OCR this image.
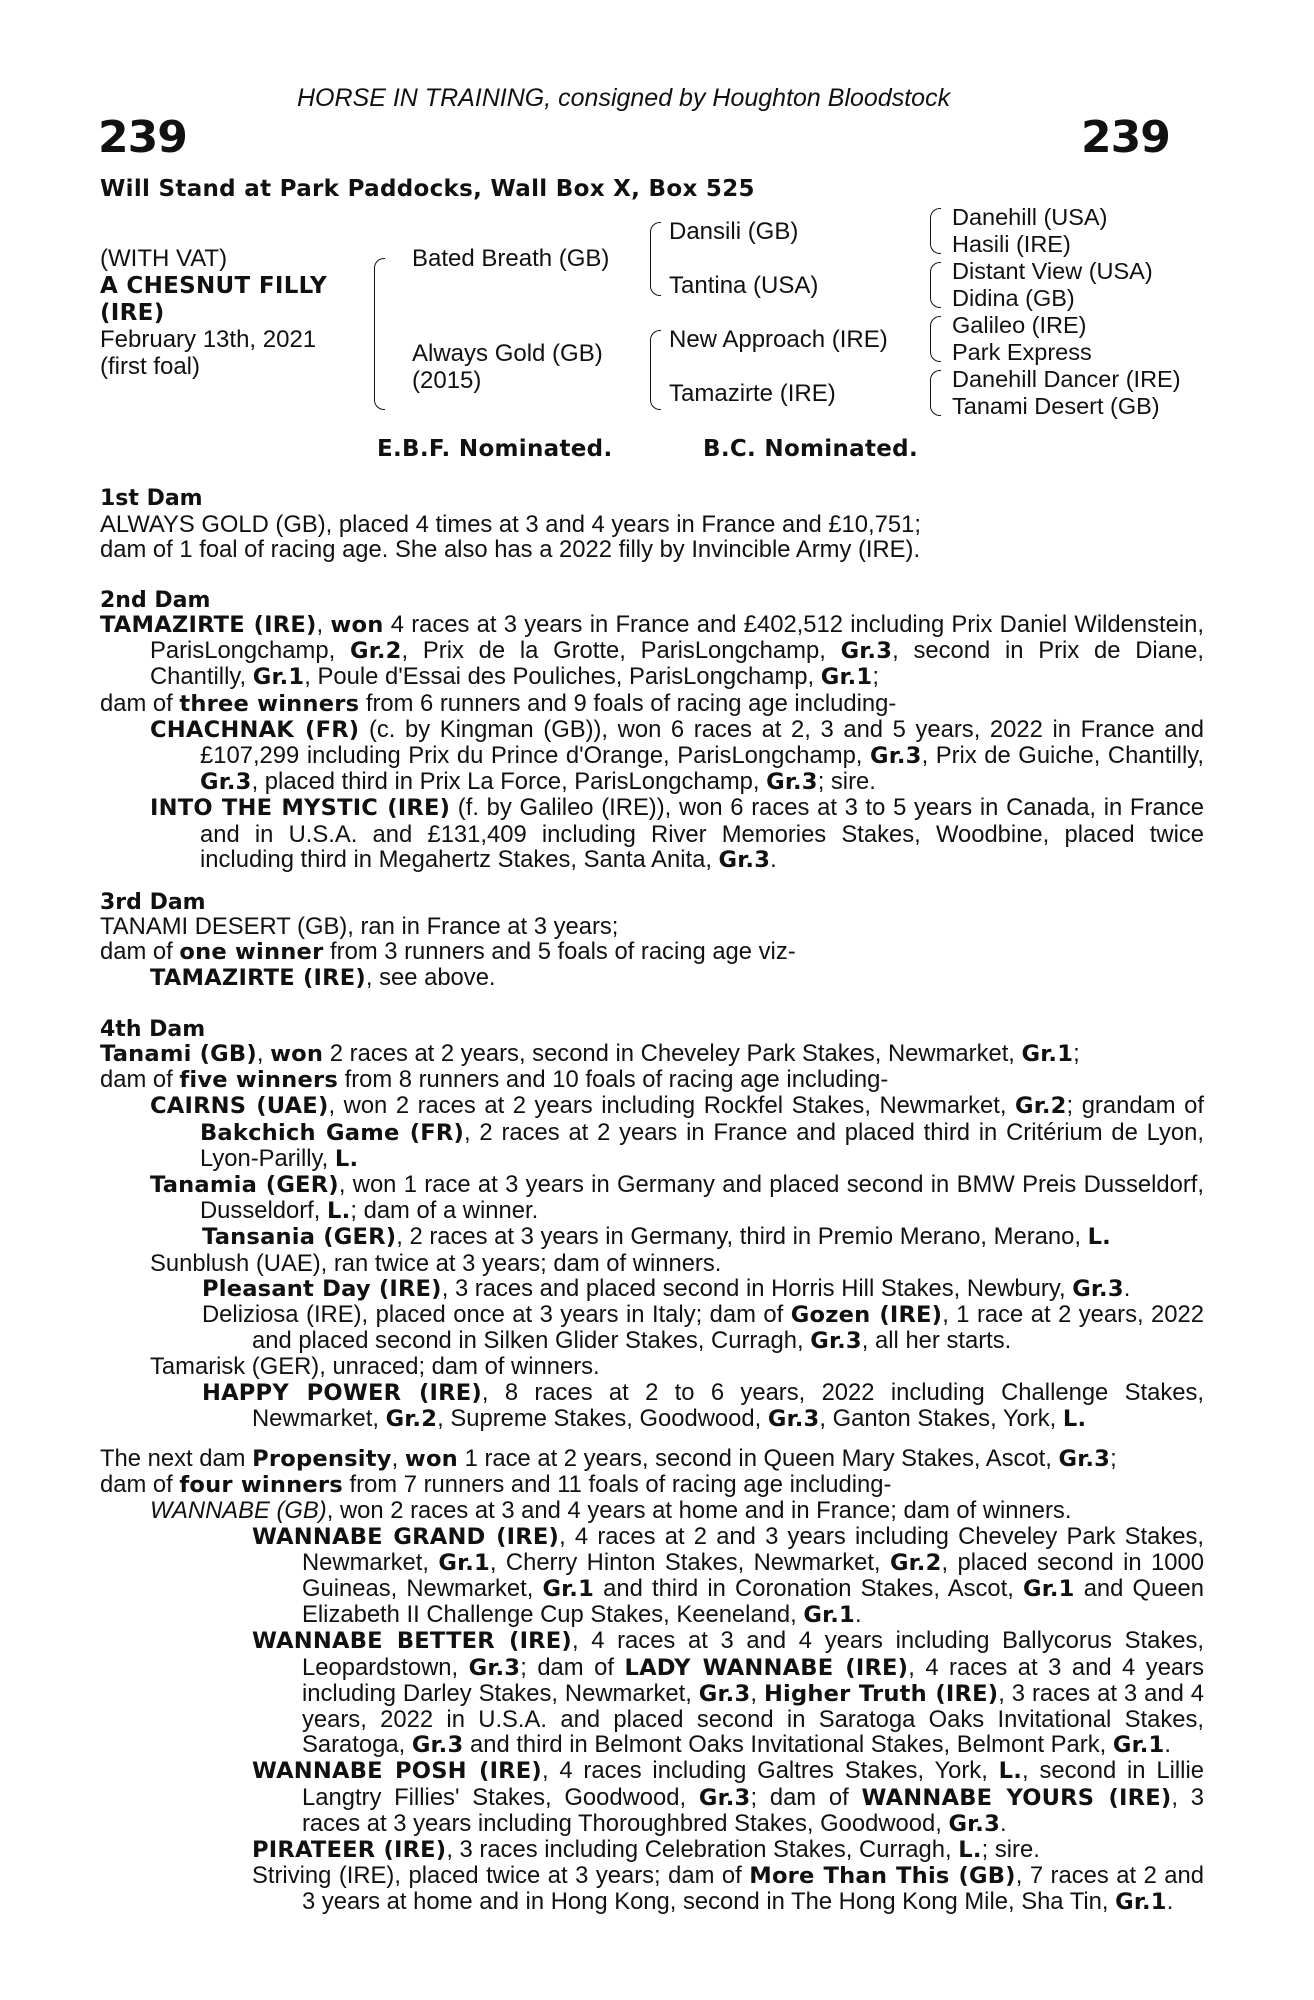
HORSE IN TRAINING, consigned by Houghton Bloodstock
239	239
Will Stand at Park Paddocks, Wall Box X, Box 525
(WITH VAT)
A CHESNUT FILLY
(IRE)
February 13th, 2021
(first foal)
Bated Breath (GB)
Always Gold (GB)
(2015)
Dansili (GB)
Tantina (USA)
New Approach (IRE)
Tamazirte (IRE)
Danehill (USA)
Hasili (IRE)
Distant View (USA)
Didina (GB)
Galileo (IRE)
Park Express
Danehill Dancer (IRE)
Tanami Desert (GB)
E.B.F. Nominated.	B.C. Nominated.
1st Dam
ALWAYS GOLD (GB), placed 4 times at 3 and 4 years in France and £10,751;
dam of 1 foal of racing age. She also has a 2022 filly by Invincible Army (IRE).
2nd Dam

TAMAZIRTE (IRE), won 4 races at 3 years in France and £402,512 including Prix Daniel Wildenstein, ParisLongchamp, Gr.2, Prix de la Grotte, ParisLongchamp, Gr.3, second in Prix de Diane, Chantilly, Gr.1, Poule d'Essai des Pouliches, ParisLongchamp, Gr.1;

dam of three winners from 6 runners and 9 foals of racing age including-

CHACHNAK (FR) (c. by Kingman (GB)), won 6 races at 2, 3 and 5 years, 2022 in France and £107,299 including Prix du Prince d'Orange, ParisLongchamp, Gr.3, Prix de Guiche, Chantilly, Gr.3, placed third in Prix La Force, ParisLongchamp, Gr.3; sire.

INTO THE MYSTIC (IRE) (f. by Galileo (IRE)), won 6 races at 3 to 5 years in Canada, in France and in U.S.A. and £131,409 including River Memories Stakes, Woodbine, placed twice including third in Megahertz Stakes, Santa Anita, Gr.3.

3rd Dam
TANAMI DESERT (GB), ran in France at 3 years;

dam of one winner from 3 runners and 5 foals of racing age viz-

TAMAZIRTE (IRE), see above.

4th Dam

Tanami (GB), won 2 races at 2 years, second in Cheveley Park Stakes, Newmarket, Gr.1;

dam of five winners from 8 runners and 10 foals of racing age including-

CAIRNS (UAE), won 2 races at 2 years including Rockfel Stakes, Newmarket, Gr.2; grandam of Bakchich Game (FR), 2 races at 2 years in France and placed third in Critérium de Lyon, Lyon-Parilly, L.

Tanamia (GER), won 1 race at 3 years in Germany and placed second in BMW Preis Dusseldorf, Dusseldorf, L.; dam of a winner.

Tansania (GER), 2 races at 3 years in Germany, third in Premio Merano, Merano, L.

Sunblush (UAE), ran twice at 3 years; dam of winners.

Pleasant Day (IRE), 3 races and placed second in Horris Hill Stakes, Newbury, Gr.3.

Deliziosa (IRE), placed once at 3 years in Italy; dam of Gozen (IRE), 1 race at 2 years, 2022 and placed second in Silken Glider Stakes, Curragh, Gr.3, all her starts.

Tamarisk (GER), unraced; dam of winners.

HAPPY POWER (IRE), 8 races at 2 to 6 years, 2022 including Challenge Stakes, Newmarket, Gr.2, Supreme Stakes, Goodwood, Gr.3, Ganton Stakes, York, L.

The next dam Propensity, won 1 race at 2 years, second in Queen Mary Stakes, Ascot, Gr.3;

dam of four winners from 7 runners and 11 foals of racing age including-

WANNABE (GB), won 2 races at 3 and 4 years at home and in France; dam of winners.

WANNABE GRAND (IRE), 4 races at 2 and 3 years including Cheveley Park Stakes, Newmarket, Gr.1, Cherry Hinton Stakes, Newmarket, Gr.2, placed second in 1000 Guineas, Newmarket, Gr.1 and third in Coronation Stakes, Ascot, Gr.1 and Queen Elizabeth II Challenge Cup Stakes, Keeneland, Gr.1.

WANNABE BETTER (IRE), 4 races at 3 and 4 years including Ballycorus Stakes, Leopardstown, Gr.3; dam of LADY WANNABE (IRE), 4 races at 3 and 4 years including Darley Stakes, Newmarket, Gr.3, Higher Truth (IRE), 3 races at 3 and 4 years, 2022 in U.S.A. and placed second in Saratoga Oaks Invitational Stakes, Saratoga, Gr.3 and third in Belmont Oaks Invitational Stakes, Belmont Park, Gr.1.

WANNABE POSH (IRE), 4 races including Galtres Stakes, York, L., second in Lillie Langtry Fillies' Stakes, Goodwood, Gr.3; dam of WANNABE YOURS (IRE), 3 races at 3 years including Thoroughbred Stakes, Goodwood, Gr.3.

PIRATEER (IRE), 3 races including Celebration Stakes, Curragh, L.; sire.

Striving (IRE), placed twice at 3 years; dam of More Than This (GB), 7 races at 2 and 3 years at home and in Hong Kong, second in The Hong Kong Mile, Sha Tin, Gr.1.
